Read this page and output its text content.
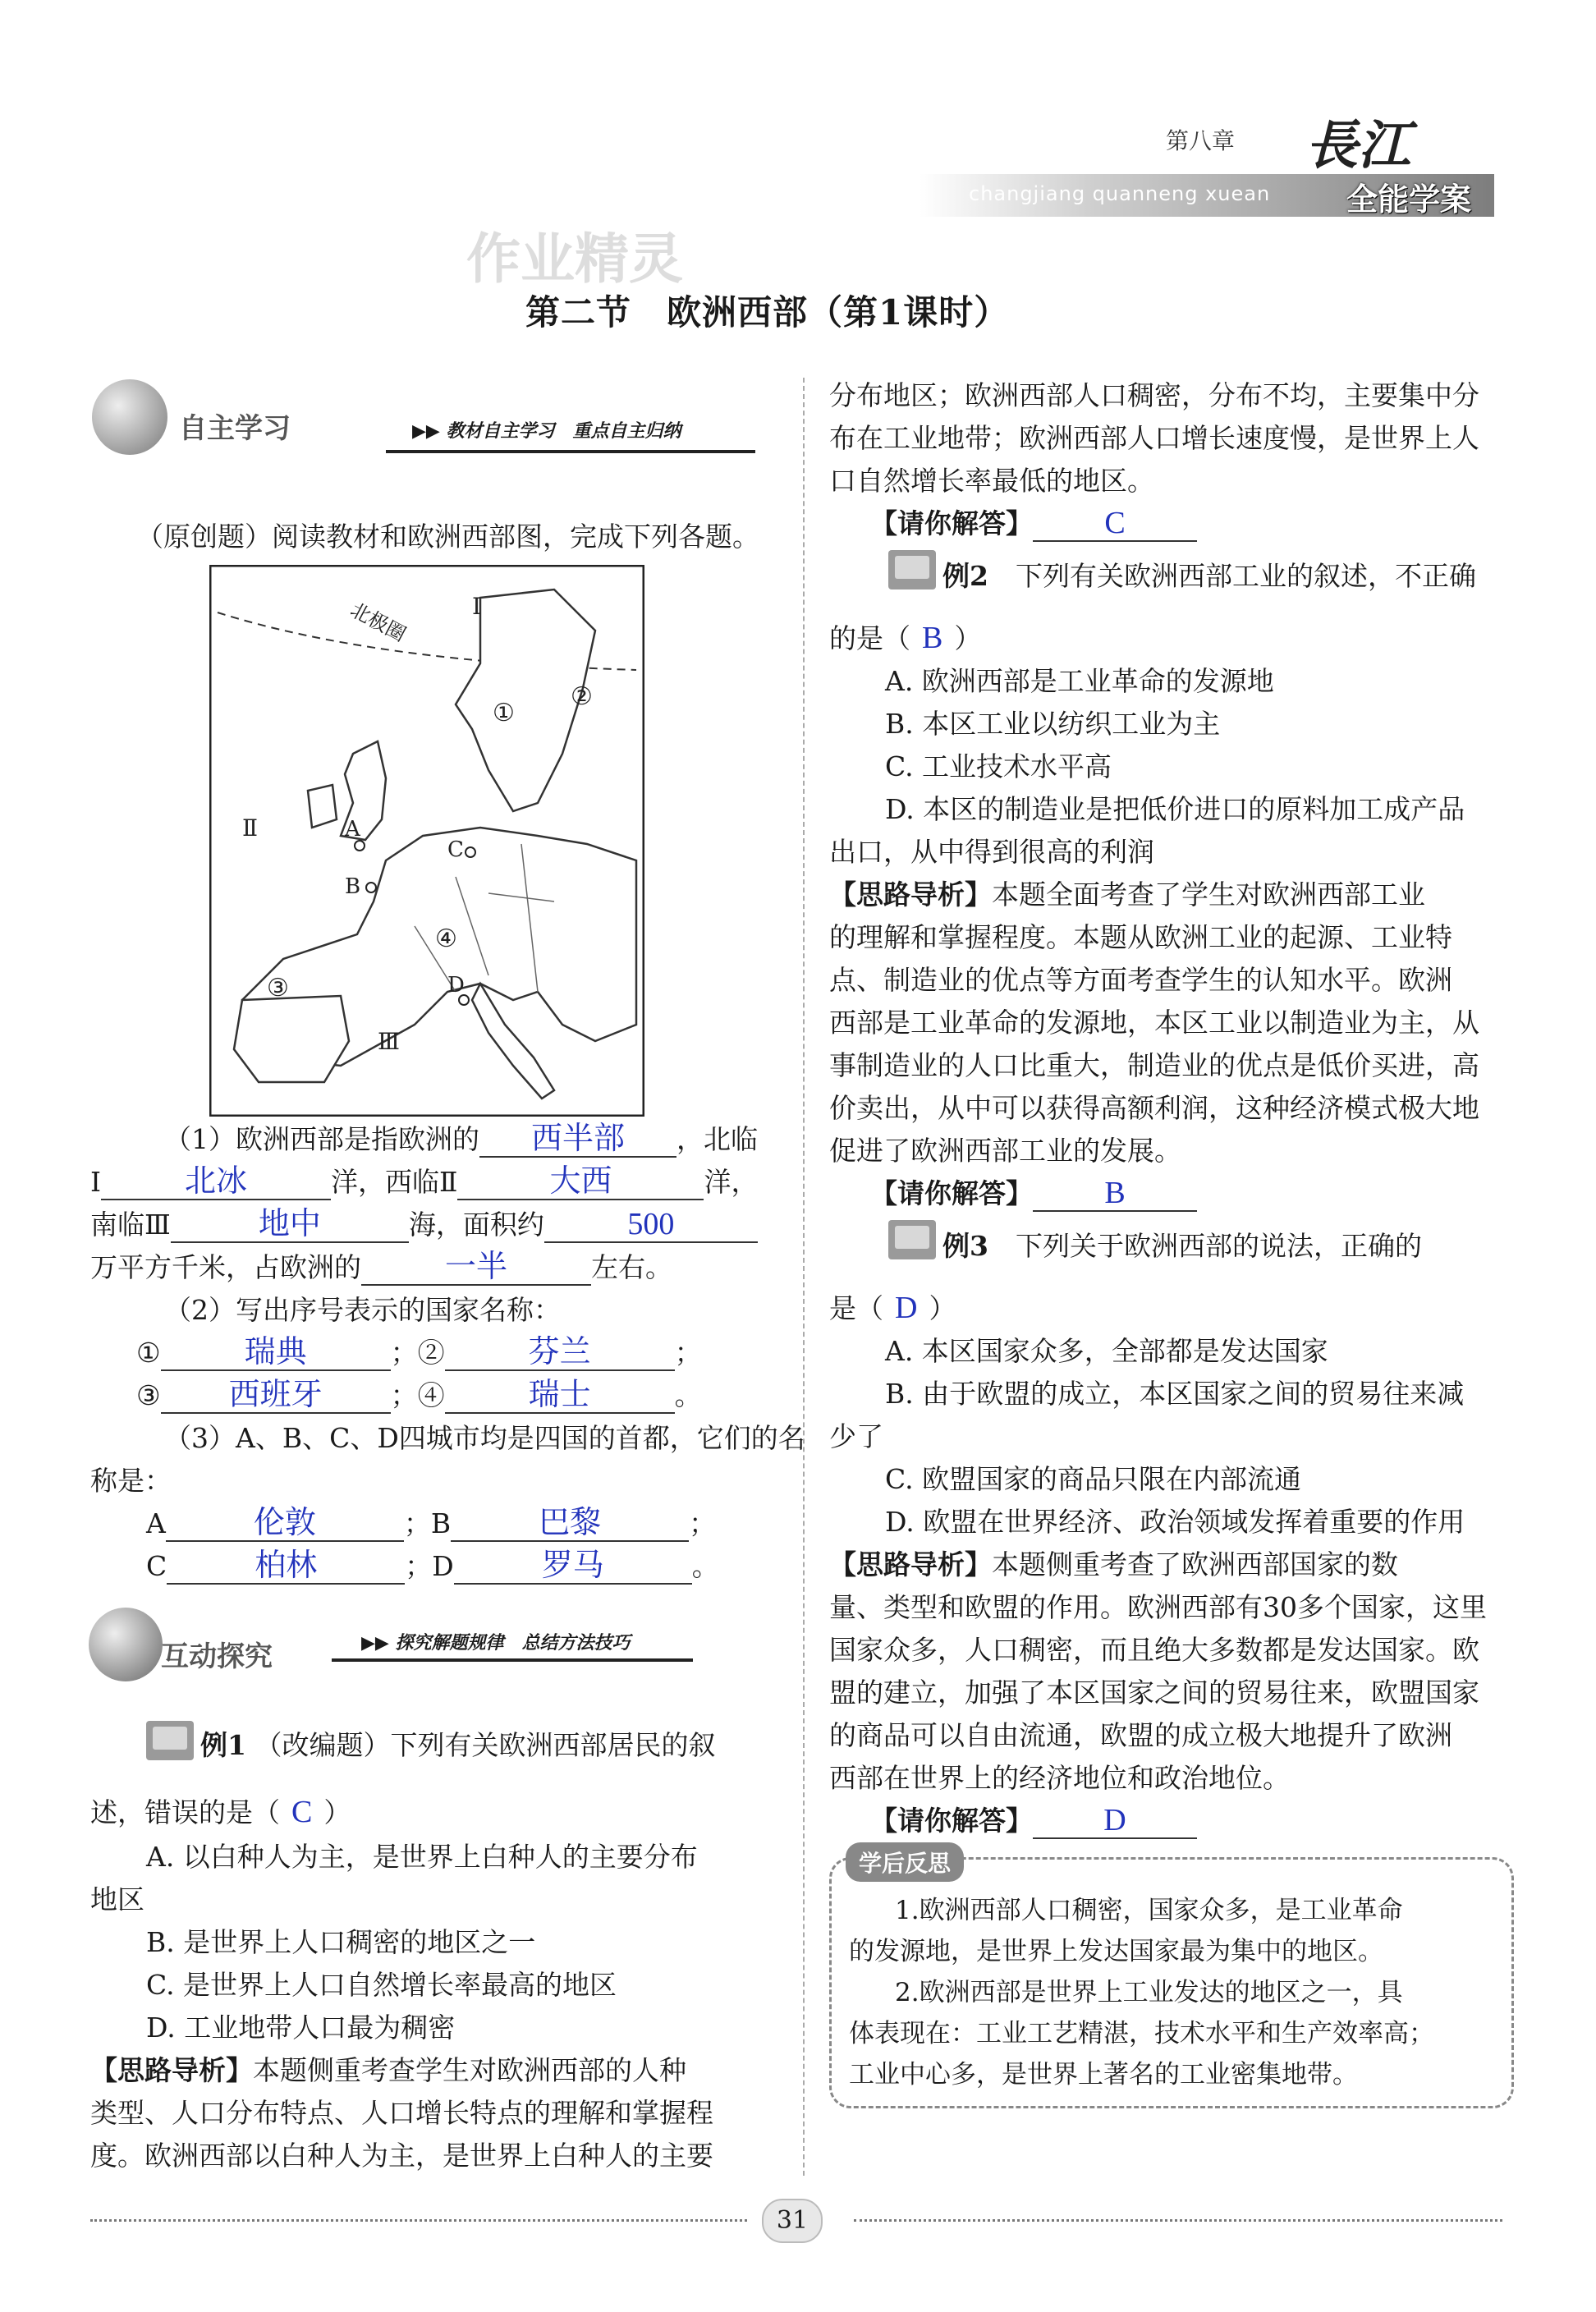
第八章
changjiang quanneng xuean
長江
全能学案
作业精灵
第二节　欧洲西部（第1课时）
自主学习	▶▶ 教材自主学习　重点自主归纳
（原创题）阅读教材和欧洲西部图，完成下列各题。
北极圈	Ⅰ
Ⅱ
Ⅲ
①
②
③
④
A
B
C
D
（1）欧洲西部是指欧洲的 西半部 ，北临
Ⅰ	北冰	洋，西临Ⅱ	大西	洋，
南临Ⅲ	地中	海，面积约	500
万平方千米，占欧洲的	一半	左右。
（2）写出序号表示的国家名称：
①	瑞典	；②	芬兰	；
③ 西班牙	；④	瑞士	。
（3）A、B、C、D四城市均是四国的首都，它们的名
称是：
A	伦敦	；B	巴黎	；
C	柏林	；D	罗马	。
互动探究	▶▶ 探究解题规律　总结方法技巧
例1 （改编题）下列有关欧洲西部居民的叙
述，错误的是（ C ）
A. 以白种人为主，是世界上白种人的主要分布
地区
B. 是世界上人口稠密的地区之一
C. 是世界上人口自然增长率最高的地区
D. 工业地带人口最为稠密
【思路导析】本题侧重考查学生对欧洲西部的人种
类型、人口分布特点、人口增长特点的理解和掌握程
度。欧洲西部以白种人为主，是世界上白种人的主要
分布地区；欧洲西部人口稠密，分布不均，主要集中分
布在工业地带；欧洲西部人口增长速度慢，是世界上人
口自然增长率最低的地区。
【请你解答】 C
例2　 下列有关欧洲西部工业的叙述，不正确
的是（ B ）
A. 欧洲西部是工业革命的发源地
B. 本区工业以纺织工业为主
C. 工业技术水平高
D. 本区的制造业是把低价进口的原料加工成产品
出口，从中得到很高的利润
【思路导析】本题全面考查了学生对欧洲西部工业
的理解和掌握程度。本题从欧洲工业的起源、工业特
点、制造业的优点等方面考查学生的认知水平。欧洲
西部是工业革命的发源地，本区工业以制造业为主，从
事制造业的人口比重大，制造业的优点是低价买进，高
价卖出，从中可以获得高额利润，这种经济模式极大地
促进了欧洲西部工业的发展。
【请你解答】 B
例3　 下列关于欧洲西部的说法，正确的
是（ D ）
A. 本区国家众多，全部都是发达国家
B. 由于欧盟的成立，本区国家之间的贸易往来减
少了
C. 欧盟国家的商品只限在内部流通
D. 欧盟在世界经济、政治领域发挥着重要的作用
【思路导析】本题侧重考查了欧洲西部国家的数
量、类型和欧盟的作用。欧洲西部有30多个国家，这里
国家众多，人口稠密，而且绝大多数都是发达国家。欧
盟的建立，加强了本区国家之间的贸易往来，欧盟国家
的商品可以自由流通，欧盟的成立极大地提升了欧洲
西部在世界上的经济地位和政治地位。
【请你解答】 D
学后反思
1.欧洲西部人口稠密，国家众多，是工业革命
的发源地，是世界上发达国家最为集中的地区。
2.欧洲西部是世界上工业发达的地区之一，具
体表现在：工业工艺精湛，技术水平和生产效率高；
工业中心多，是世界上著名的工业密集地带。
31
